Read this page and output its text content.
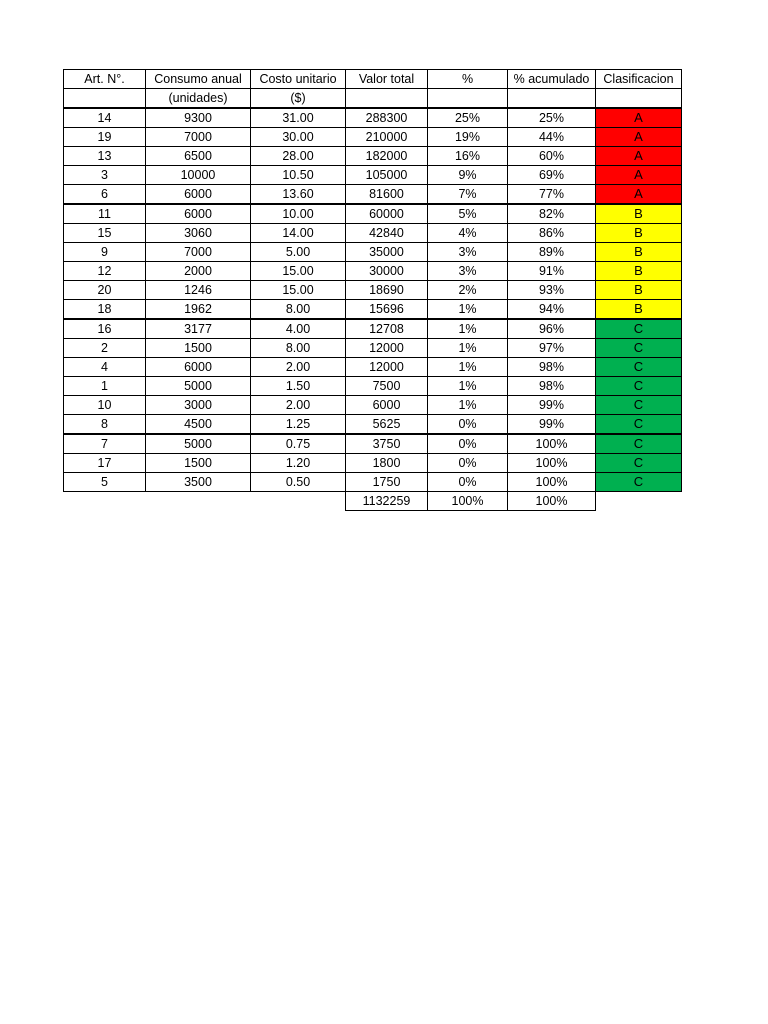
Art. N°.	Consumo anual	Costo unitario	Valor total	%	% acumulado	Clasificacion
	(unidades)	($)				
14	9300	31.00	288300	25%	25%	A
19	7000	30.00	210000	19%	44%	A
13	6500	28.00	182000	16%	60%	A
3	10000	10.50	105000	9%	69%	A
6	6000	13.60	81600	7%	77%	A
11	6000	10.00	60000	5%	82%	B
15	3060	14.00	42840	4%	86%	B
9	7000	5.00	35000	3%	89%	B
12	2000	15.00	30000	3%	91%	B
20	1246	15.00	18690	2%	93%	B
18	1962	8.00	15696	1%	94%	B
16	3177	4.00	12708	1%	96%	C
2	1500	8.00	12000	1%	97%	C
4	6000	2.00	12000	1%	98%	C
1	5000	1.50	7500	1%	98%	C
10	3000	2.00	6000	1%	99%	C
8	4500	1.25	5625	0%	99%	C
7	5000	0.75	3750	0%	100%	C
17	1500	1.20	1800	0%	100%	C
5	3500	0.50	1750	0%	100%	C
			1132259	100%	100%	
